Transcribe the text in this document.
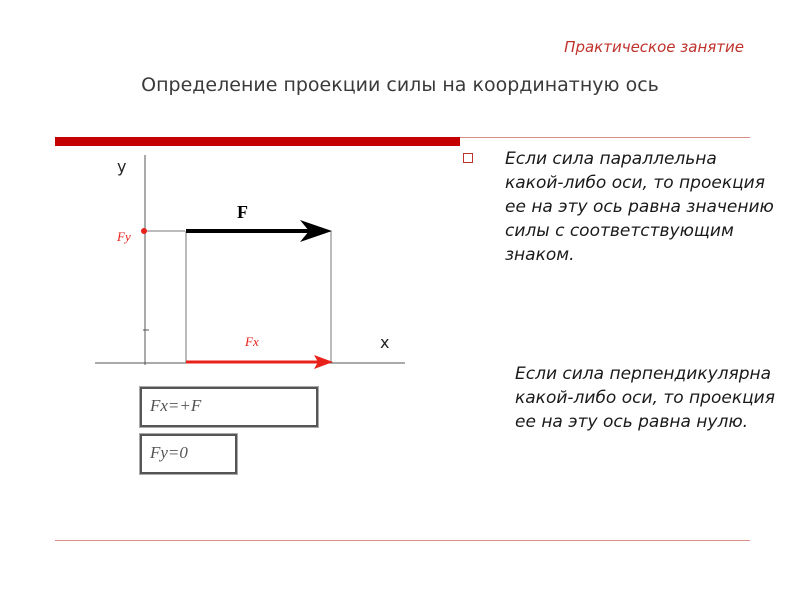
Практическое занятие
Определение проекции силы на координатную ось
y
x
F
Fy
Fx
Fx=+F
Fy=0
Если сила параллельна какой-либо оси, то проекция ее на эту ось равна значению силы с соответствующим знаком.
Если сила перпендикулярна какой-либо оси, то проекция ее на эту ось равна нулю.
